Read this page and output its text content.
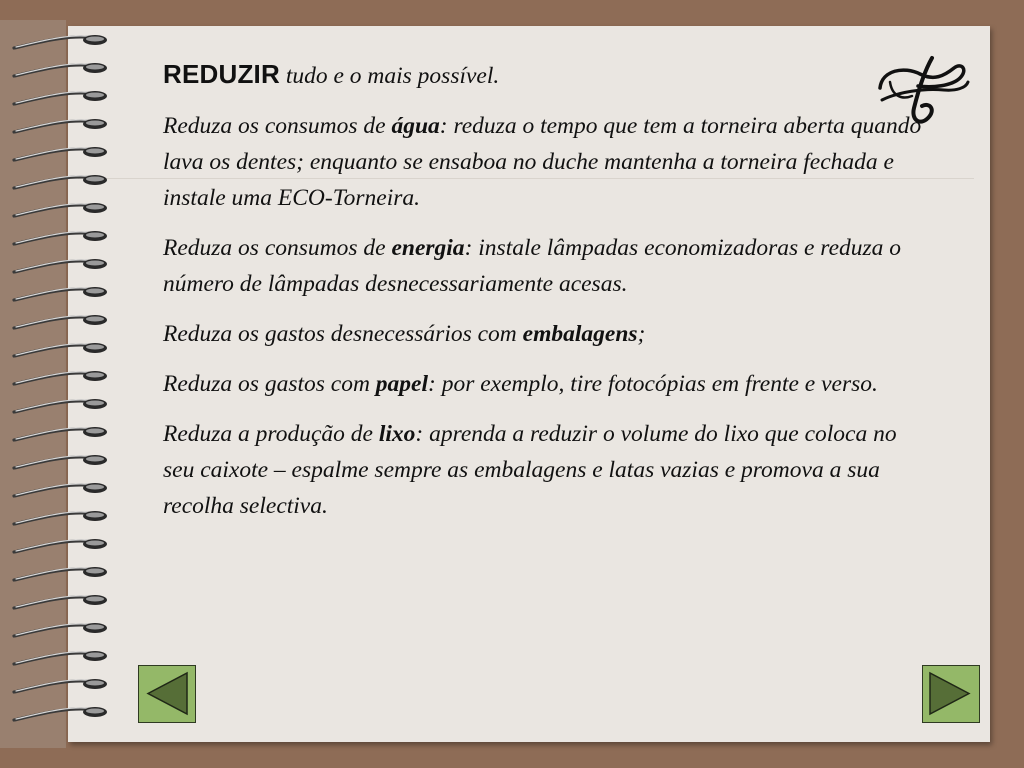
REDUZIR tudo e o mais possível.

Reduza os consumos de água: reduza o tempo que tem a torneira aberta quando lava os dentes; enquanto se ensaboa no duche mantenha a torneira fechada e instale uma ECO-Torneira.

Reduza os consumos de energia: instale lâmpadas economizadoras e reduza o número de lâmpadas desnecessariamente acesas.

Reduza os gastos desnecessários com embalagens;

Reduza os gastos com papel: por exemplo, tire fotocópias em frente e verso.

Reduza a produção de lixo: aprenda a reduzir o volume do lixo que coloca no seu caixote – espalme sempre as embalagens e latas vazias e promova a sua recolha selectiva.
